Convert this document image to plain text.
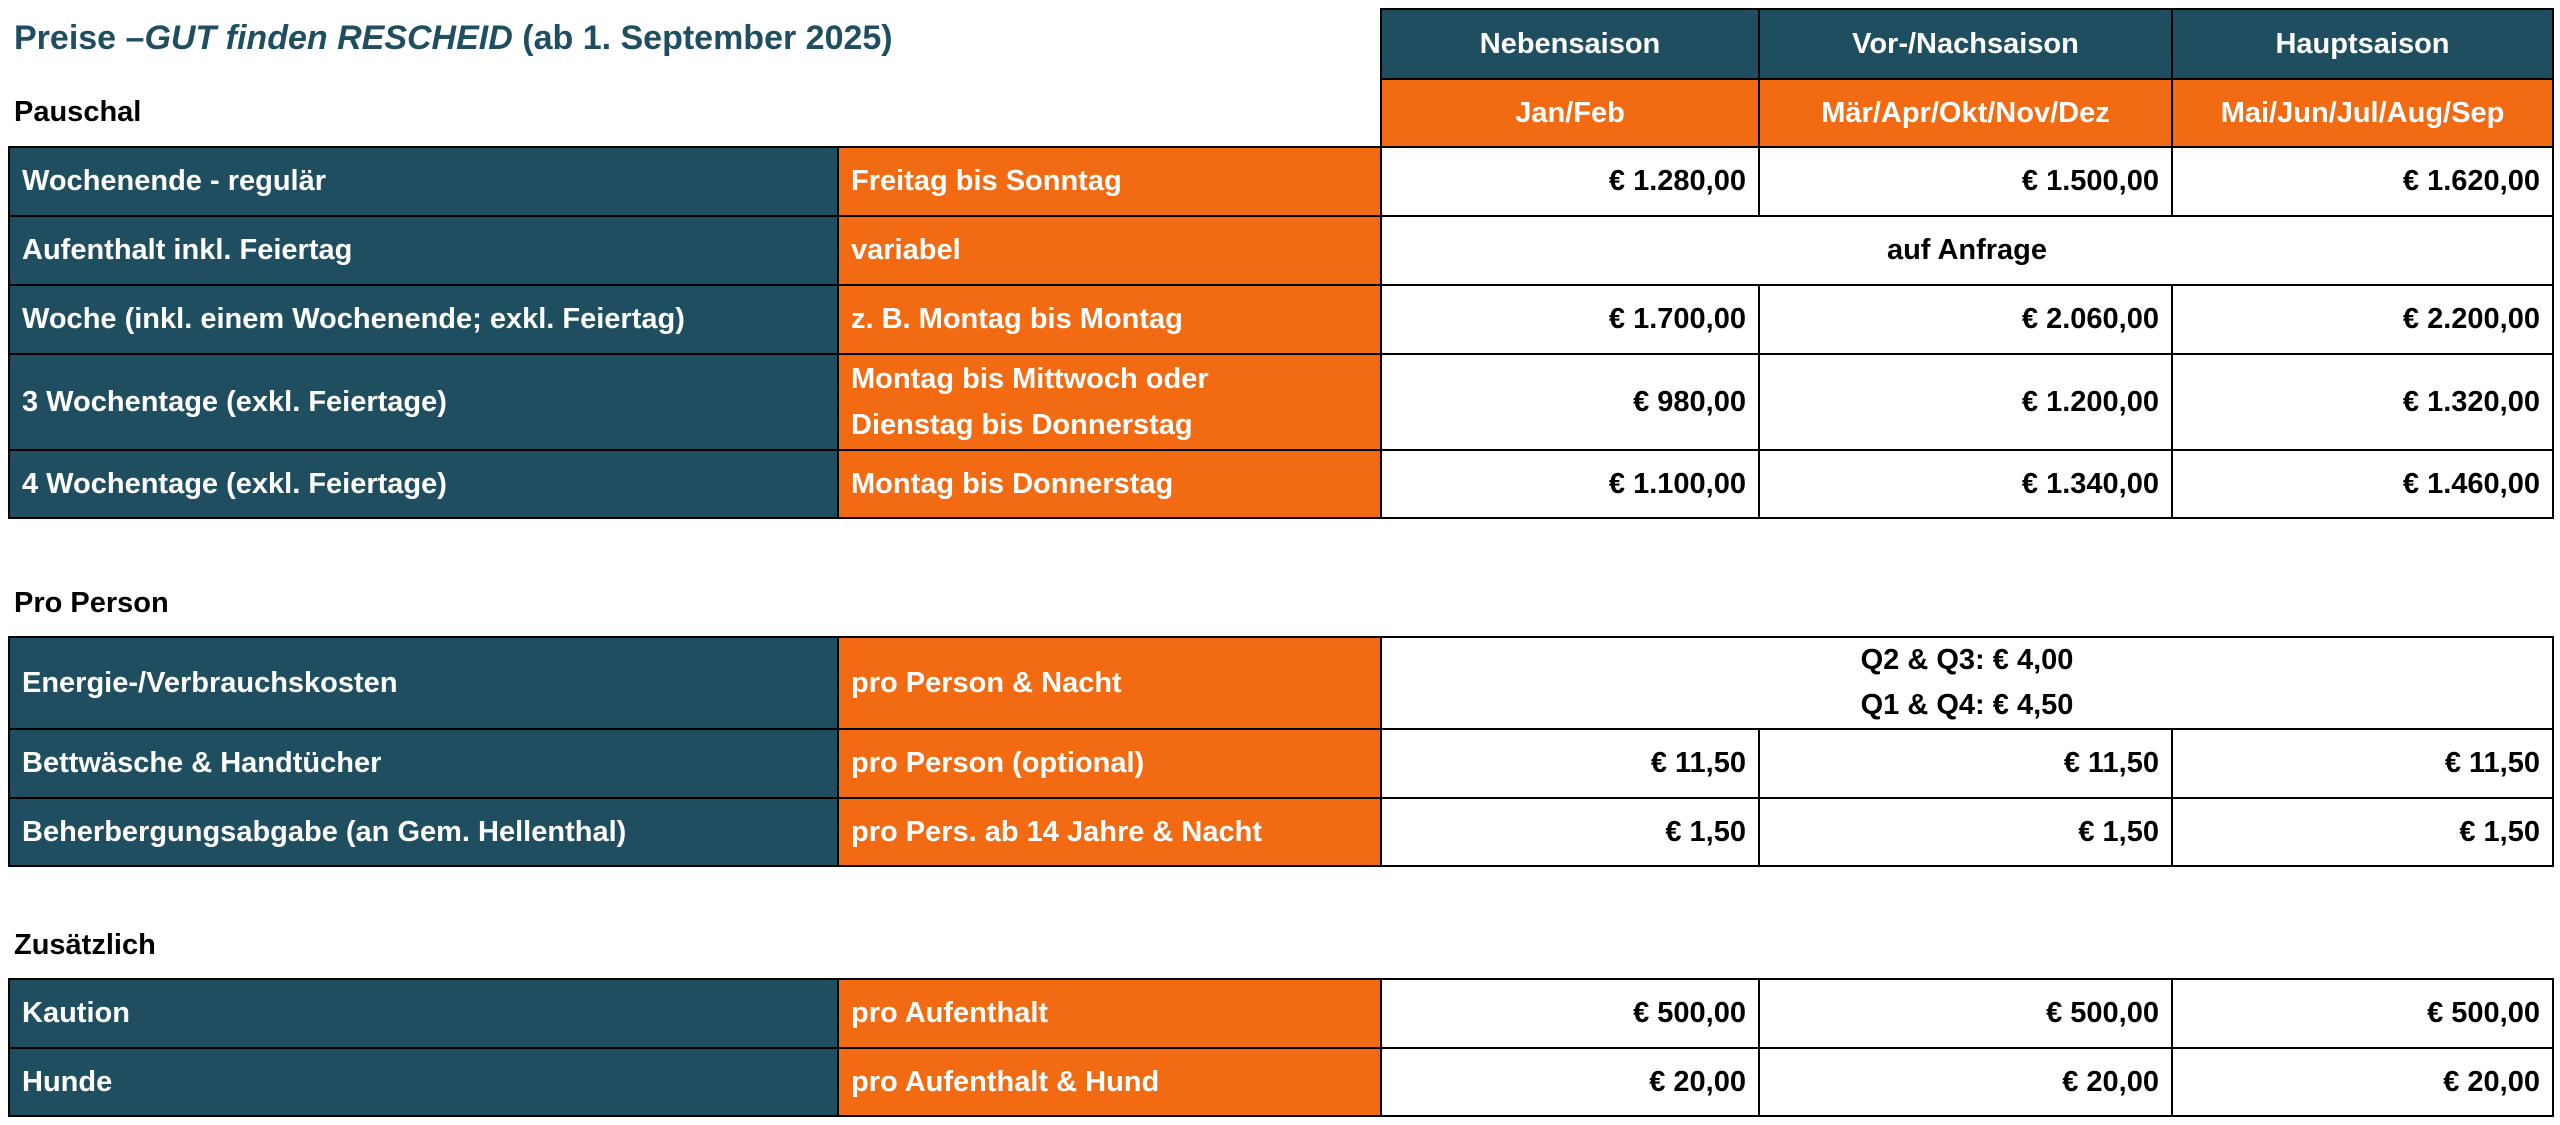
Preise – GUT finden RESCHEID (ab 1. September 2025)	Nebensaison	Vor-/Nachsaison	Hauptsaison
Jan/Feb	Mär/Apr/Okt/Nov/Dez	Mai/Jun/Jul/Aug/Sep
Pauschal
Wochenende - regulär	Freitag bis Sonntag	€ 1.280,00	€ 1.500,00	€ 1.620,00
Aufenthalt inkl. Feiertag	variabel	auf Anfrage		
Woche (inkl. einem Wochenende; exkl. Feiertag)	z. B. Montag bis Montag	€ 1.700,00	€ 2.060,00	€ 2.200,00
3 Wochentage (exkl. Feiertage)	Montag bis Mittwoch oder
Dienstag bis Donnerstag	€ 980,00	€ 1.200,00	€ 1.320,00
4 Wochentage (exkl. Feiertage)	Montag bis Donnerstag	€ 1.100,00	€ 1.340,00	€ 1.460,00
Pro Person
Energie-/Verbrauchskosten	pro Person & Nacht	Q2 & Q3: € 4,00
Q1 & Q4: € 4,50		

Bettwäsche & Handtücher	pro Person (optional)	€ 11,50	€ 11,50	€ 11,50
Beherbergungsabgabe (an Gem. Hellenthal)	pro Pers. ab 14 Jahre & Nacht	€ 1,50	€ 1,50	€ 1,50
Zusätzlich
Kaution	pro Aufenthalt	€ 500,00	€ 500,00	€ 500,00
Hunde	pro Aufenthalt & Hund	€ 20,00	€ 20,00	€ 20,00
